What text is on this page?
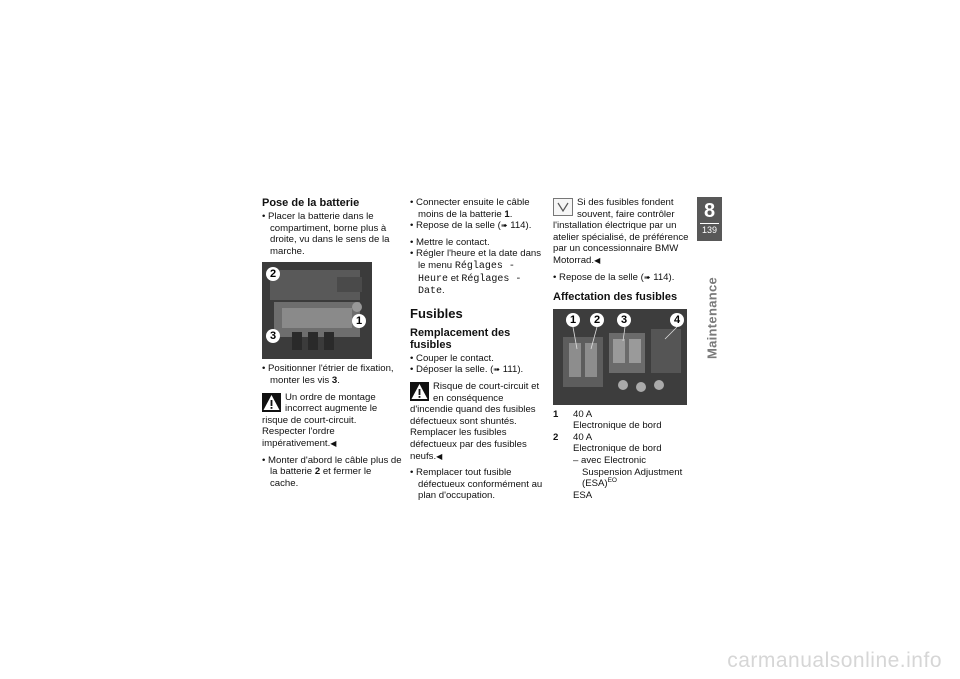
Pose de la batterie

• Placer la batterie dans le compartiment, borne plus à droite, vu dans le sens de la marche.

2
1
3

• Positionner l'étrier de fixation, monter les vis 3.

Un ordre de montage incorrect augmente le risque de court-circuit.

Respecter l'ordre impérativement.◀

• Monter d'abord le câble plus de la batterie 2 et fermer le cache.

• Connecter ensuite le câble moins de la batterie 1.

• Repose de la selle (➠ 114).

• Mettre le contact.

• Régler l'heure et la date dans le menu Réglages - Heure et Réglages - Date.

Fusibles
Remplacement des fusibles

• Couper le contact.

• Déposer la selle. (➠ 111).

Risque de court-circuit et en conséquence d'incendie quand des fusibles défectueux sont shuntés.

Remplacer les fusibles défectueux par des fusibles neufs.◀

• Remplacer tout fusible défectueux conformément au plan d'occupation.

Si des fusibles fondent souvent, faire contrôler l'installation électrique par un atelier spécialisé, de préférence par un concessionnaire BMW Motorrad.◀

• Repose de la selle (➠ 114).

Affectation des fusibles
1	2	3	4
1	40 A
Electronique de bord
2	40 A
Electronique de bord
– avec Electronic Suspension Adjustment (ESA)$^{EO}$
ESA
8
139
Maintenance
carmanualsonline.info
